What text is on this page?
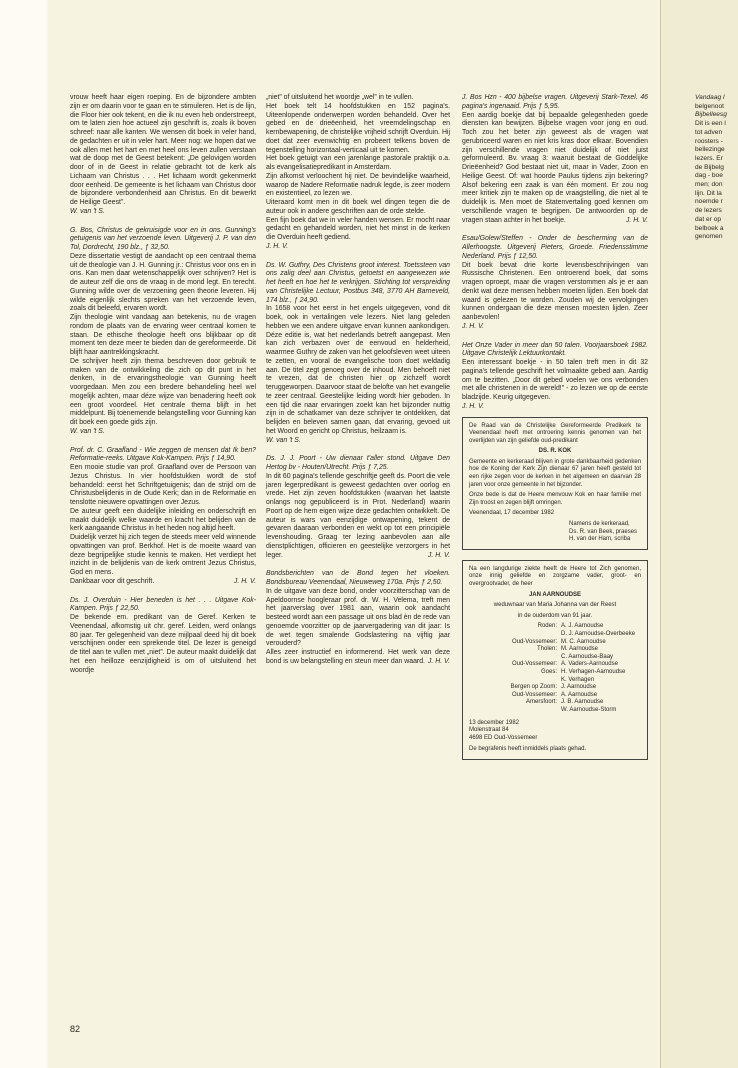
Vandaag l
belgenoot
Bijbelleesg
Dit is een l
tot adven
roosters -
bellezinge
lezers. Er
de Bijbelg
dag - boe
men; don
lijn. Dit la
noemde r
de lezers
dat er op
belboek a
genomen

vrouw heeft haar eigen roeping. En de bijzondere ambten zijn er om daarin voor te gaan en te stimuleren. Het is de lijn, die Floor hier ook tekent, en die ik nu even heb onderstreept, om te laten zien hoe actueel zijn geschrift is, zoals ik boven schreef: naar alle kanten. We wensen dit boek in veler hand, de gedachten er uit in veler hart. Meer nog: we hopen dat we ook allen met het hart en met heel ons leven zullen verstaan wat de doop met de Geest betekent: „De gelovigen worden door of in de Geest in relatie gebracht tot de kerk als Lichaam van Christus . . . Het lichaam wordt gekenmerkt door eenheid. De gemeente is het lichaam van Christus door de bijzondere verbondenheid aan Christus. En dit bewerkt de Heilige Geest”.

W. van 't S.

G. Bos, Christus de gekruisigde voor en in ons. Gunning's getuigenis van het verzoende leven. Uitgeverij J. P. van den Tol, Dordrecht, 190 blz., ƒ 32,50.

Deze dissertatie vestigt de aandacht op een centraal thema uit de theologie van J. H. Gunning jr.: Christus voor ons en in ons. Kan men daar wetenschappelijk over schrijven? Het is de auteur zelf die ons de vraag in de mond legt. En terecht. Gunning wilde over de verzoening geen theorie leveren. Hij wilde eigenlijk slechts spreken van het verzoende leven, zoals dit beleefd, ervaren wordt.

Zijn theologie wint vandaag aan betekenis, nu de vragen rondom de plaats van de ervaring weer centraal komen te staan. De ethische theologie heeft ons blijkbaar op dit moment ten deze meer te bieden dan de gereformeerde. Dit blijft haar aantrekkingskracht.

De schrijver heeft zijn thema beschreven door gebruik te maken van de ontwikkeling die zich op dit punt in het denken, in de ervaringstheologie van Gunning heeft voorgedaan. Men zou een bredere behandeling heel wel mogelijk achten, maar déze wijze van benadering heeft ook een groot voordeel. Het centrale thema blijft in het middelpunt. Bij toenemende belangstelling voor Gunning kan dit boek een goede gids zijn.

W. van 't S.

Prof. dr. C. Graafland - Wie zeggen de mensen dat Ik ben? Reformatie-reeks. Uitgave Kok-Kampen. Prijs ƒ 14,90.

Een mooie studie van prof. Graafland over de Persoon van Jezus Christus. In vier hoofdstukken wordt de stof behandeld: eerst het Schriftgetuigenis; dan de strijd om de Christusbelijdenis in de Oude Kerk; dan in de Reformatie en tenslotte nieuwere opvattingen over Jezus.

De auteur geeft een duidelijke inleiding en onderschrijft en maakt duidelijk welke waarde en kracht het belijden van de kerk aangaande Christus in het heden nog altijd heeft.

Duidelijk verzet hij zich tegen de steeds meer veld winnende opvattingen van prof. Berkhof. Het is de moeite waard van deze begrijpelijke studie kennis te maken. Het verdiept het inzicht in de belijdenis van de kerk omtrent Jezus Christus, God en mens.

Dankbaar voor dit geschrift.	J. H. V.

Ds. J. Overduin - Hier beneden is het . . . Uitgave Kok-Kampen. Prijs ƒ 22,50.

De bekende em. predikant van de Geref. Kerken te Veenendaal, afkomstig uit chr. geref. Leiden, werd onlangs 80 jaar. Ter gelegenheid van deze mijlpaal deed hij dit boek verschijnen onder een sprekende titel. De lezer is geneigd de titel aan te vullen met „niet”. De auteur maakt duidelijk dat het een heilloze eenzijdigheid is om of uitsluitend het woordje

„niet” of uitsluitend het woordje „wel” in te vullen.

Het boek telt 14 hoofdstukken en 152 pagina's. Uiteenlopende onderwerpen worden behandeld. Over het gebed en de drieëenheid, het vreemdelingschap en kernbewapening, de christelijke vrijheid schrijft Overduin. Hij doet dat zeer evenwichtig en probeert telkens boven de tegenstelling horizontaal-verticaal uit te komen.

Het boek getuigt van een jarenlange pastorale praktijk o.a. als evangelisatiepredikant in Amsterdam.

Zijn afkomst verloochent hij niet. De bevindelijke waarheid, waarop de Nadere Reformatie nadruk legde, is zeer modern en existentieel, zo lezen we.

Uiteraard komt men in dit boek wel dingen tegen die de auteur ook in andere geschriften aan de orde stelde.

Een fijn boek dat we in veler handen wensen. Er mocht naar gedacht en gehandeld worden, niet het minst in de kerken die Overduin heeft gediend.

J. H. V.

Ds. W. Guthry, Des Christens groot interest. Toetssteen van ons zalig deel aan Christus, getoetst en aangewezen wie het heeft en hoe het te verkrijgen. Stichting tot verspreiding van Christelijke Lectuur, Postbus 348, 3770 AH Barneveld, 174 blz., ƒ 24,90.

In 1658 voor het eerst in het engels uitgegeven, vond dit boek, ook in vertalingen vele lezers. Niet lang geleden hebben we een andere uitgave ervan kunnen aankondigen. Déze editie is, wat het nederlands betreft aangepast. Men kan zich verbazen over de eenvoud en helderheid, waarmee Guthry de zaken van het geloofsleven weet uiteen te zetten, en vooral de evangelische toon doet weldadig aan. De titel zegt genoeg over de inhoud. Men behoeft niet te vrezen, dat de christen hier op zichzelf wordt teruggeworpen. Daarvoor staat de belofte van het evangelie te zeer centraal. Geestelijke leiding wordt hier geboden. In een tijd die naar ervaringen zoekt kan het bijzonder nuttig zijn in de schatkamer van deze schrijver te ontdekken, dat belijden en beleven samen gaan, dat ervaring, gevoed uit het Woord en gericht op Christus, heilzaam is.

W. van 't S.

Ds. J. J. Poort - Uw dienaar t'aller stond. Uitgave Den Hertog bv - Houten/Utrecht. Prijs ƒ 7,25.

In dit 60 pagina's tellende geschriftje geeft ds. Poort die vele jaren legerpredikant is geweest gedachten over oorlog en vrede. Het zijn zeven hoofdstukken (waarvan het laatste onlangs nog gepubliceerd is in Prot. Nederland) waarin Poort op de hem eigen wijze deze gedachten ontwikkelt. De auteur is wars van eenzijdige ontwapening, tekent de gevaren daaraan verbonden en wekt op tot een principiële levenshouding. Graag ter lezing aanbevolen aan alle dienstplichtigen, officieren en geestelijke verzorgers in het leger.	J. H. V.

Bondsberichten van de Bond tegen het vloeken. Bondsbureau Veenendaal, Nieuweweg 170a. Prijs ƒ 2,50.

In de uitgave van deze bond, onder voorzitterschap van de Apeldoornse hoogleraar prof. dr. W. H. Velema, treft men het jaarverslag over 1981 aan, waarin ook aandacht besteed wordt aan een passage uit ons blad èn de rede van genoemde voorzitter op de jaarvergadering van dit jaar: Is de wet tegen smalende Godslastering na vijftig jaar verouderd?

Alles zeer instructief en informerend. Het werk van deze bond is uw belangstelling en steun meer dan waard. J. H. V.

J. Bos Hzn - 400 bijbelse vragen. Uitgeverij Stark-Texel. 46 pagina's ingenaaid. Prijs ƒ 5,95.

Een aardig boekje dat bij bepaalde gelegenheden goede diensten kan bewijzen. Bijbelse vragen voor jong en oud. Toch zou het beter zijn geweest als de vragen wat gerubriceerd waren en niet kris kras door elkaar. Bovendien zijn verschillende vragen niet duidelijk of niet juist geformuleerd. Bv. vraag 3: waaruit bestaat de Goddelijke Drieëenheid? God bestaat niet uit, maar in Vader, Zoon en Heilige Geest. Of: wat hoorde Paulus tijdens zijn bekering? Alsof bekering een zaak is van één moment. Er zou nog meer kritiek zijn te maken op de vraagstelling, die niet al te duidelijk is. Men moet de Statenvertaling goed kennen om verschillende vragen te begrijpen. De antwoorden op de vragen staan achter in het boekje.	J. H. V.

Esau/Golew/Steffen - Onder de bescherming van de Allerhoogste. Uitgeverij Pieters, Groede. Friedensstimme Nederland. Prijs ƒ 12,50.

Dit boek bevat drie korte levensbeschrijvingen van Russische Christenen. Een ontroerend boek, dat soms vragen oproept, maar die vragen verstommen als je er aan denkt wat deze mensen hebben moeten lijden. Een boek dat waard is gelezen te worden. Zouden wij de vervolgingen kunnen ondergaan die deze mensen moesten lijden. Zeer aanbevolen!

J. H. V.

Het Onze Vader in meer dan 50 talen. Voorjaarsboek 1982. Uitgave Christelijk Lektuurkontakt.

Een interessant boekje - in 50 talen treft men in dit 32 pagina's tellende geschrift het volmaakte gebed aan. Aardig om te bezitten. „Door dit gebed voelen we ons verbonden met alle christenen in de wereld!” - zo lezen we op de eerste bladzijde. Keurig uitgegeven.

J. H. V.

De Raad van de Christelijke Gereformeerde Predikerk te Veenendaal heeft met ontroering kennis genomen van het overlijden van zijn geliefde oud-predikant

DS. R. KOK

Gemeente en kerkeraad blijven in grote dankbaarheid gedenken hoe de Koning der Kerk Zijn dienaar 67 jaren heeft gesteld tot een rijke zegen voor de kerken in het algemeen en daarvan 28 jaren voor onze gemeente in het bijzonder.

Onze bede is dat de Heere menvouw Kok en haar familie met Zijn troost en zegen blijft omringen.

Veenendaal, 17 december 1982

Namens de kerkeraad,
Ds. R. van Beek, praeses
H. van der Ham, scriba

Na een langdurige ziekte heeft de Heere tot Zich genomen, onze innig geliefde en zorgzame vader, groot- en overgrootvader, de heer

JAN AARNOUDSE

weduwnaar van Maria Johanna van der Reest

in de ouderdom van 91 jaar.

Roden: A. J. Aarnoudse
D. J. Aarnoudse-Overbeeke
Oud-Vossemeer: M. C. Aarnoudse
Tholen: M. Aarnoudse
C. Aarnoudse-Baay
Oud-Vossemeer: A. Vaders-Aarnoudse
Goes: H. Verhagen-Aarnoudse
K. Verhagen
Bergen op Zoom: J. Aarnoudse
Oud-Vossemeer: A. Aarnoudse
Amersfoort: J. B. Aarnoudse
W. Aarnoudse-Storm
13 december 1982
Molenstraat 84
4698 ED Oud-Vossemeer
De begrafenis heeft inmiddels plaats gehad.
82
